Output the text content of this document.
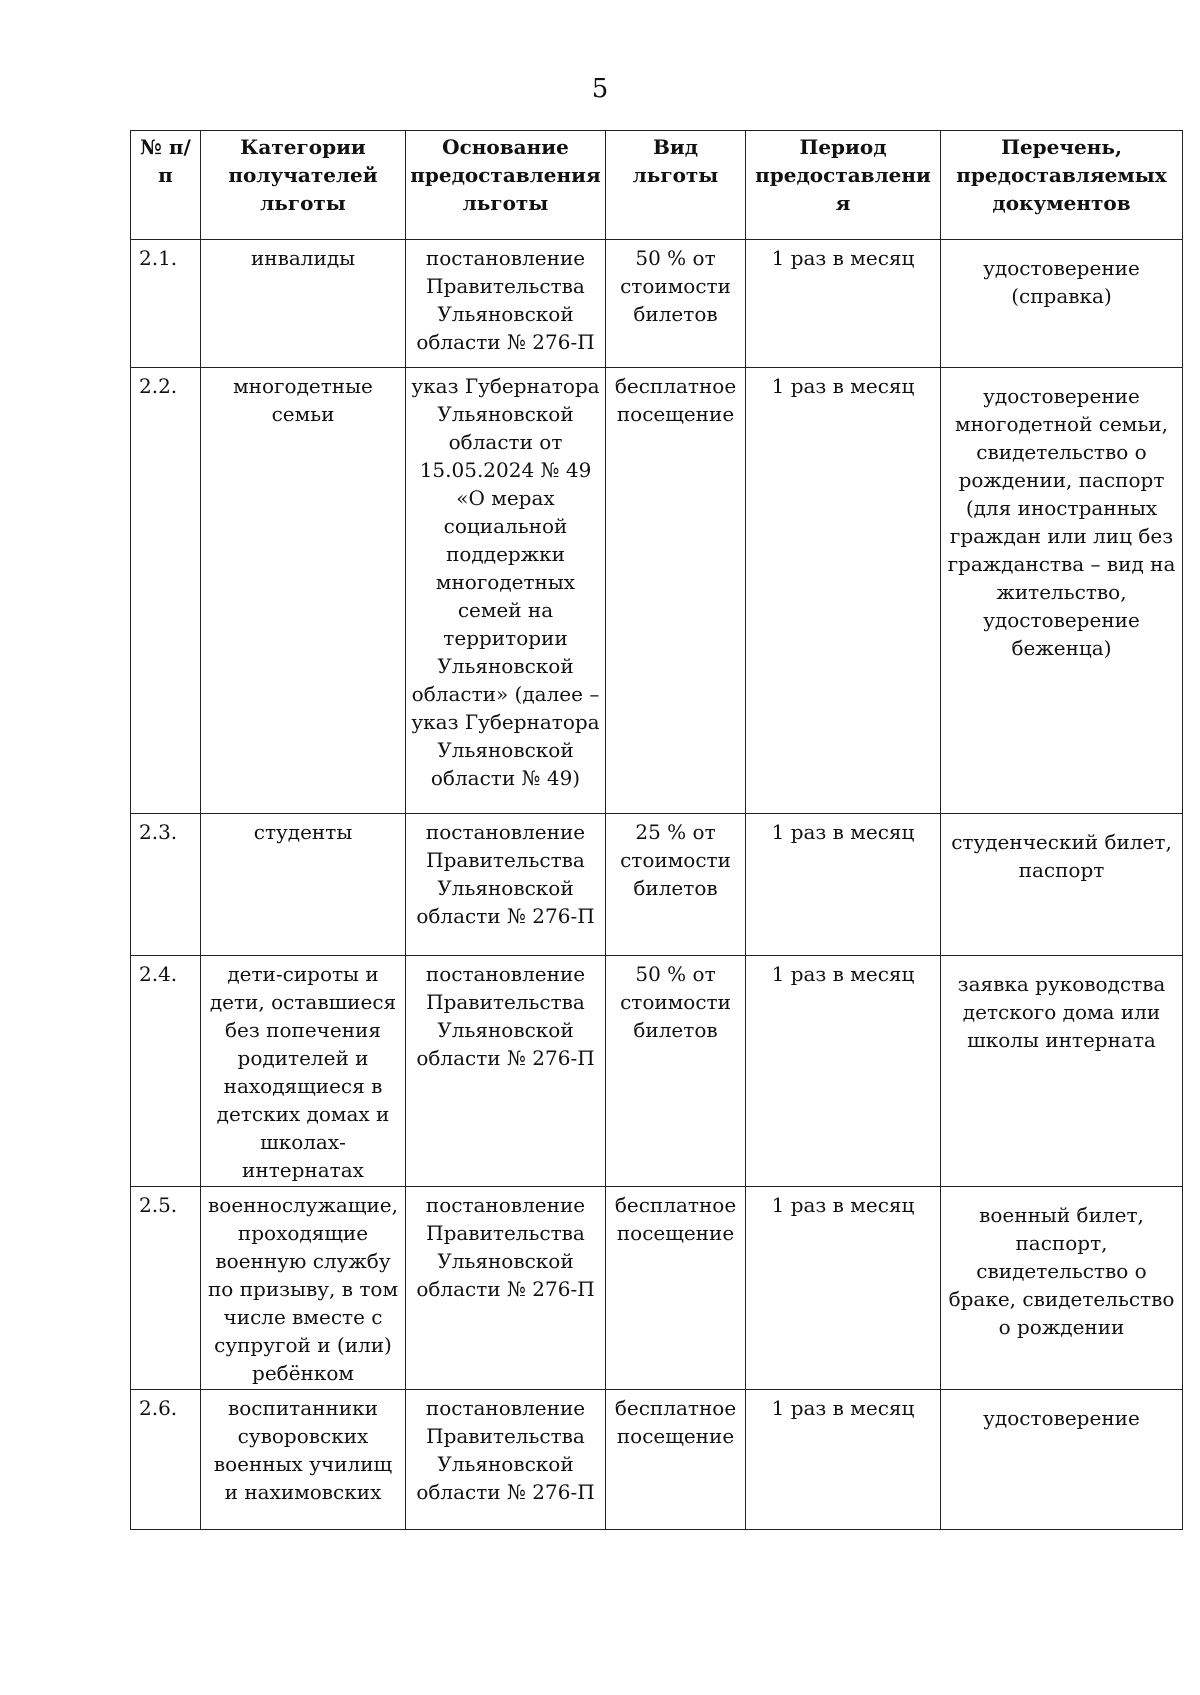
5
№ п/п	Категории получателей льготы	Основание предоставления льготы	Вид льготы	Период предоставления	Перечень, предоставляемых документов
2.1.	инвалиды	постановление Правительства Ульяновской области № 276-П	50 % от стоимости билетов	1 раз в месяц	удостоверение (справка)
2.2.	многодетные семьи	указ Губернатора Ульяновской области от 15.05.2024 № 49 «О мерах социальной поддержки многодетных семей на территории Ульяновской области» (далее – указ Губернатора Ульяновской области № 49)	бесплатное посещение	1 раз в месяц	удостоверение многодетной семьи, свидетельство о рождении, паспорт (для иностранных граждан или лиц без гражданства – вид на жительство, удостоверение беженца)
2.3.	студенты	постановление Правительства Ульяновской области № 276-П	25 % от стоимости билетов	1 раз в месяц	студенческий билет, паспорт
2.4.	дети-сироты и дети, оставшиеся без попечения родителей и находящиеся в детских домах и школах-интернатах	постановление Правительства Ульяновской области № 276-П	50 % от стоимости билетов	1 раз в месяц	заявка руководства детского дома или школы интерната
2.5.	военнослужащие, проходящие военную службу по призыву, в том числе вместе с супругой и (или) ребёнком	постановление Правительства Ульяновской области № 276-П	бесплатное посещение	1 раз в месяц	военный билет, паспорт, свидетельство о браке, свидетельство о рождении
2.6.	воспитанники суворовских военных училищ и нахимовских	постановление Правительства Ульяновской области № 276-П	бесплатное посещение	1 раз в месяц	удостоверение
